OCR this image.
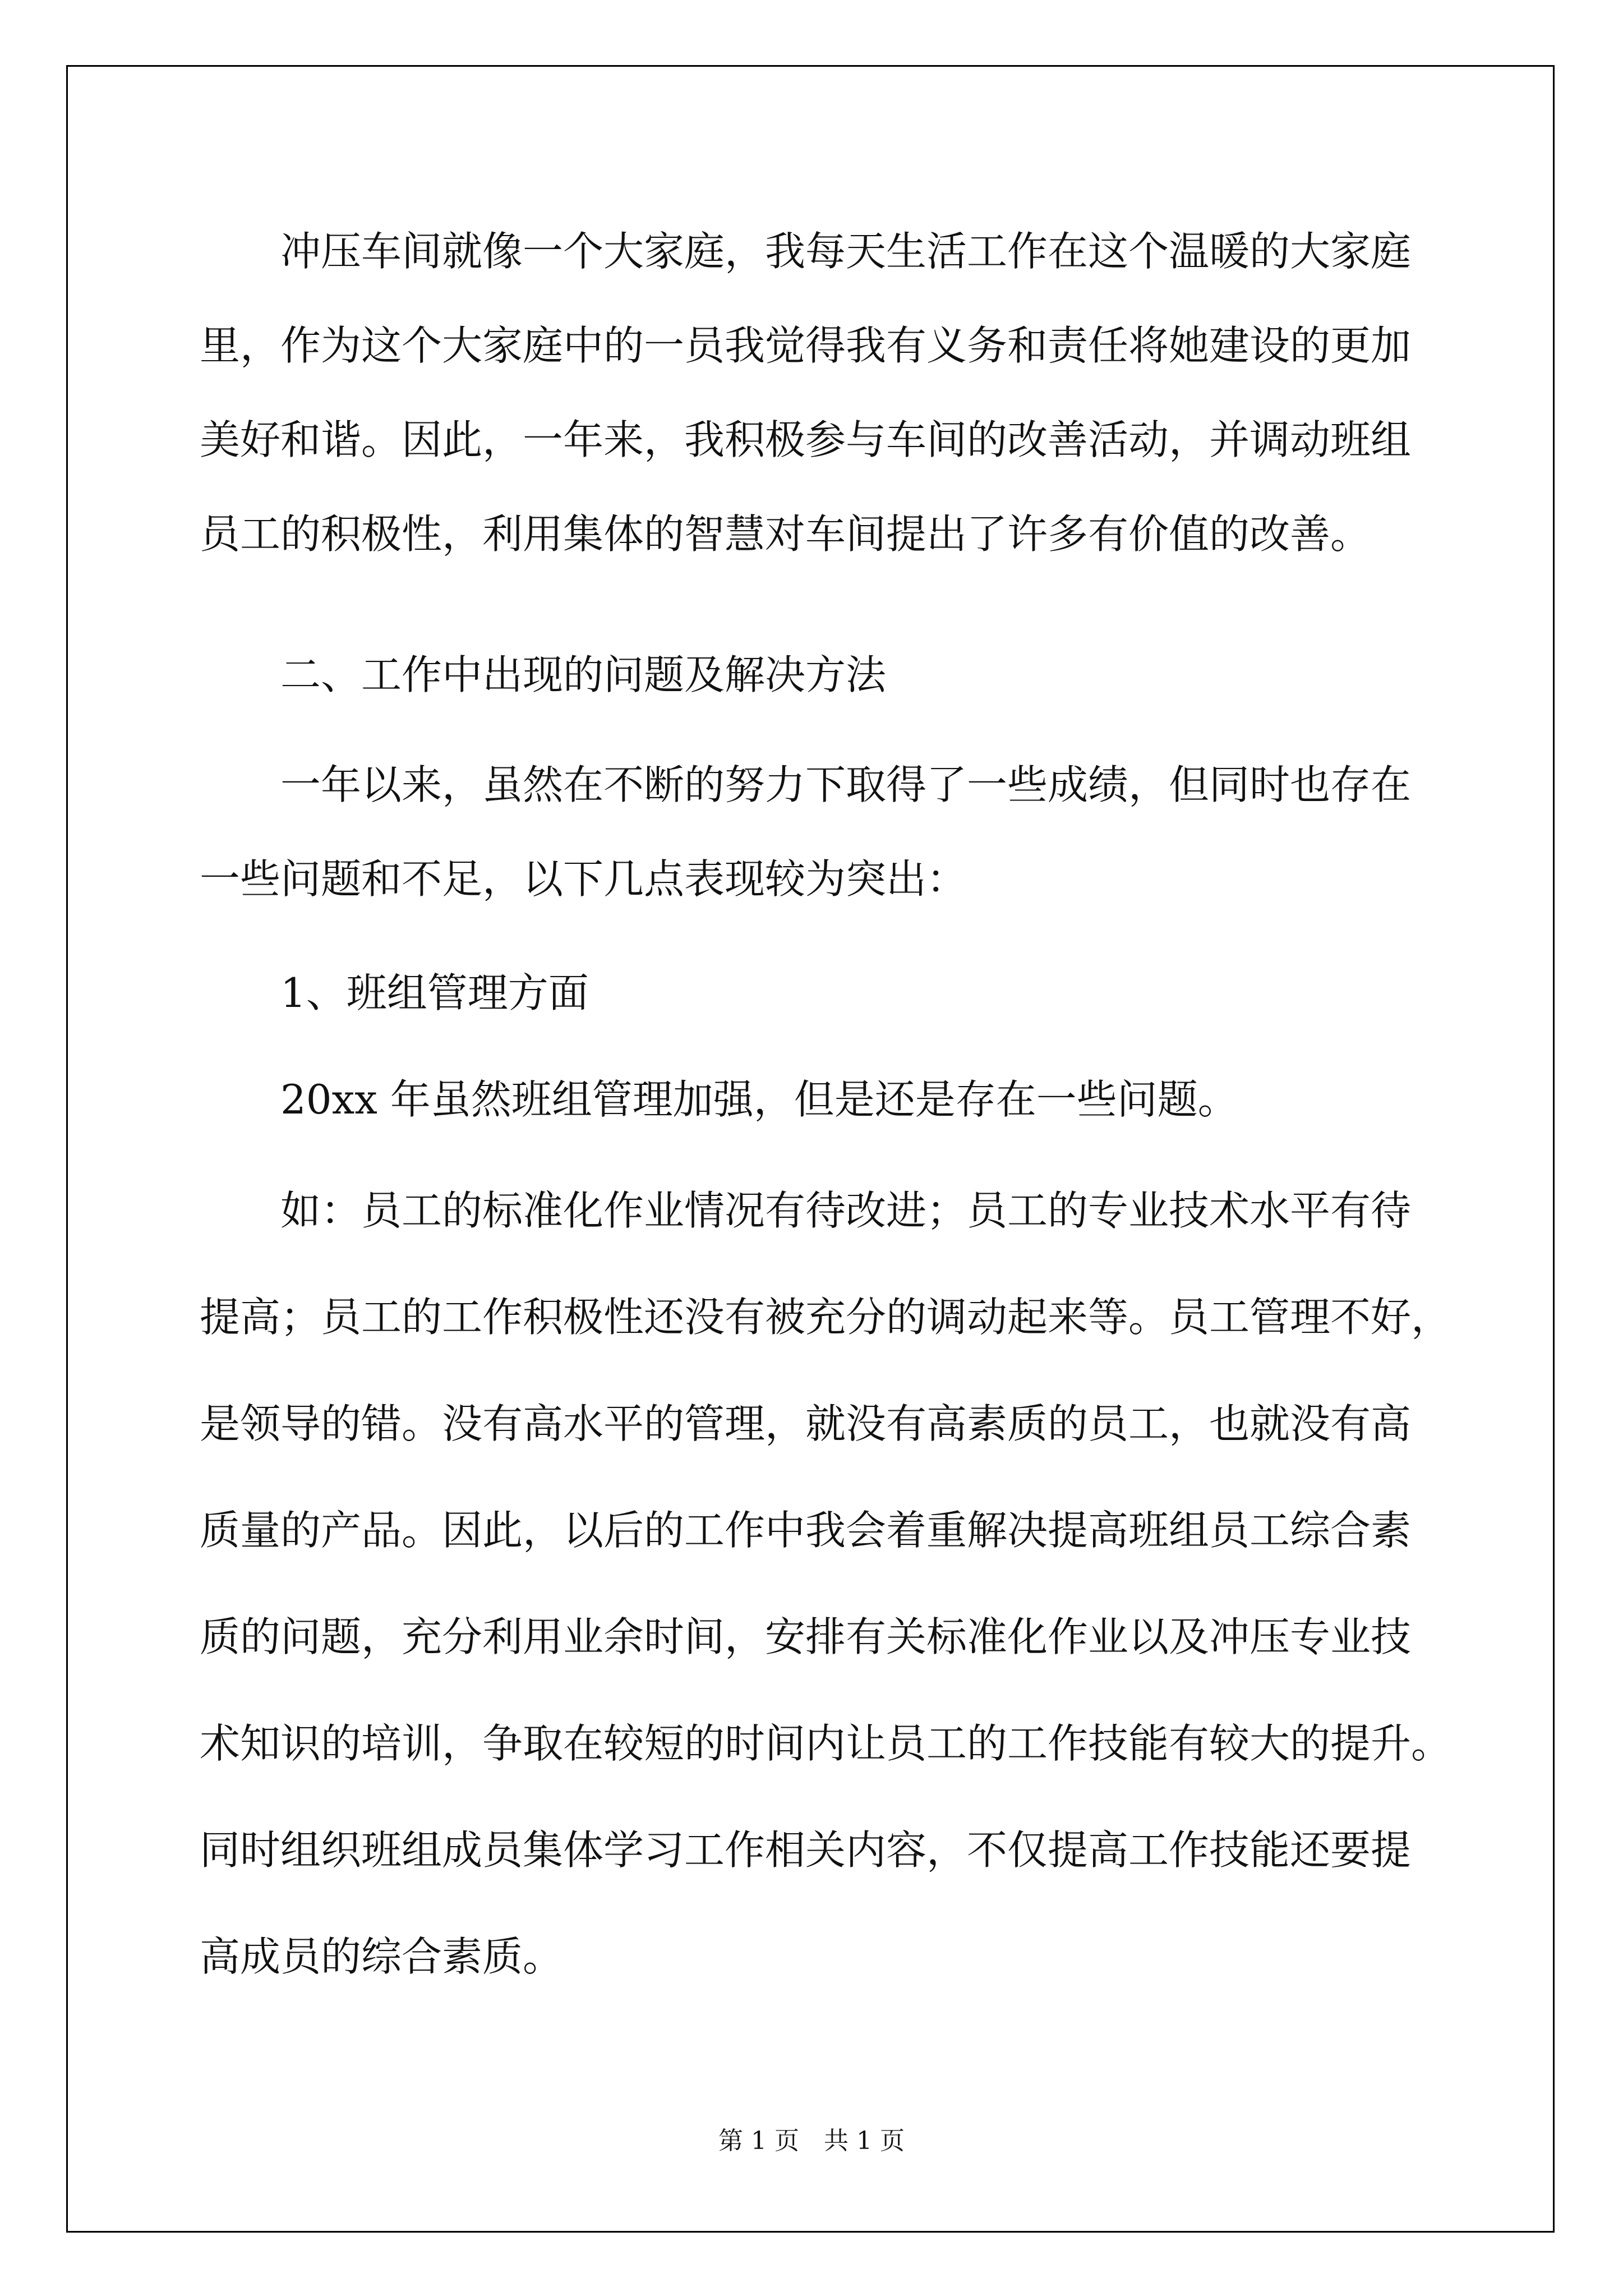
冲压车间就像一个大家庭，我每天生活工作在这个温暖的大家庭
里，作为这个大家庭中的一员我觉得我有义务和责任将她建设的更加
美好和谐。因此，一年来，我积极参与车间的改善活动，并调动班组
员工的积极性，利用集体的智慧对车间提出了许多有价值的改善。
二、工作中出现的问题及解决方法
一年以来，虽然在不断的努力下取得了一些成绩，但同时也存在
一些问题和不足，以下几点表现较为突出：
1、班组管理方面
20xx 年虽然班组管理加强，但是还是存在一些问题。
如：员工的标准化作业情况有待改进；员工的专业技术水平有待
提高；员工的工作积极性还没有被充分的调动起来等。员工管理不好，
是领导的错。没有高水平的管理，就没有高素质的员工，也就没有高
质量的产品。因此，以后的工作中我会着重解决提高班组员工综合素
质的问题，充分利用业余时间，安排有关标准化作业以及冲压专业技
术知识的培训，争取在较短的时间内让员工的工作技能有较大的提升。
同时组织班组成员集体学习工作相关内容，不仅提高工作技能还要提
高成员的综合素质。
第 1 页　共 1 页
